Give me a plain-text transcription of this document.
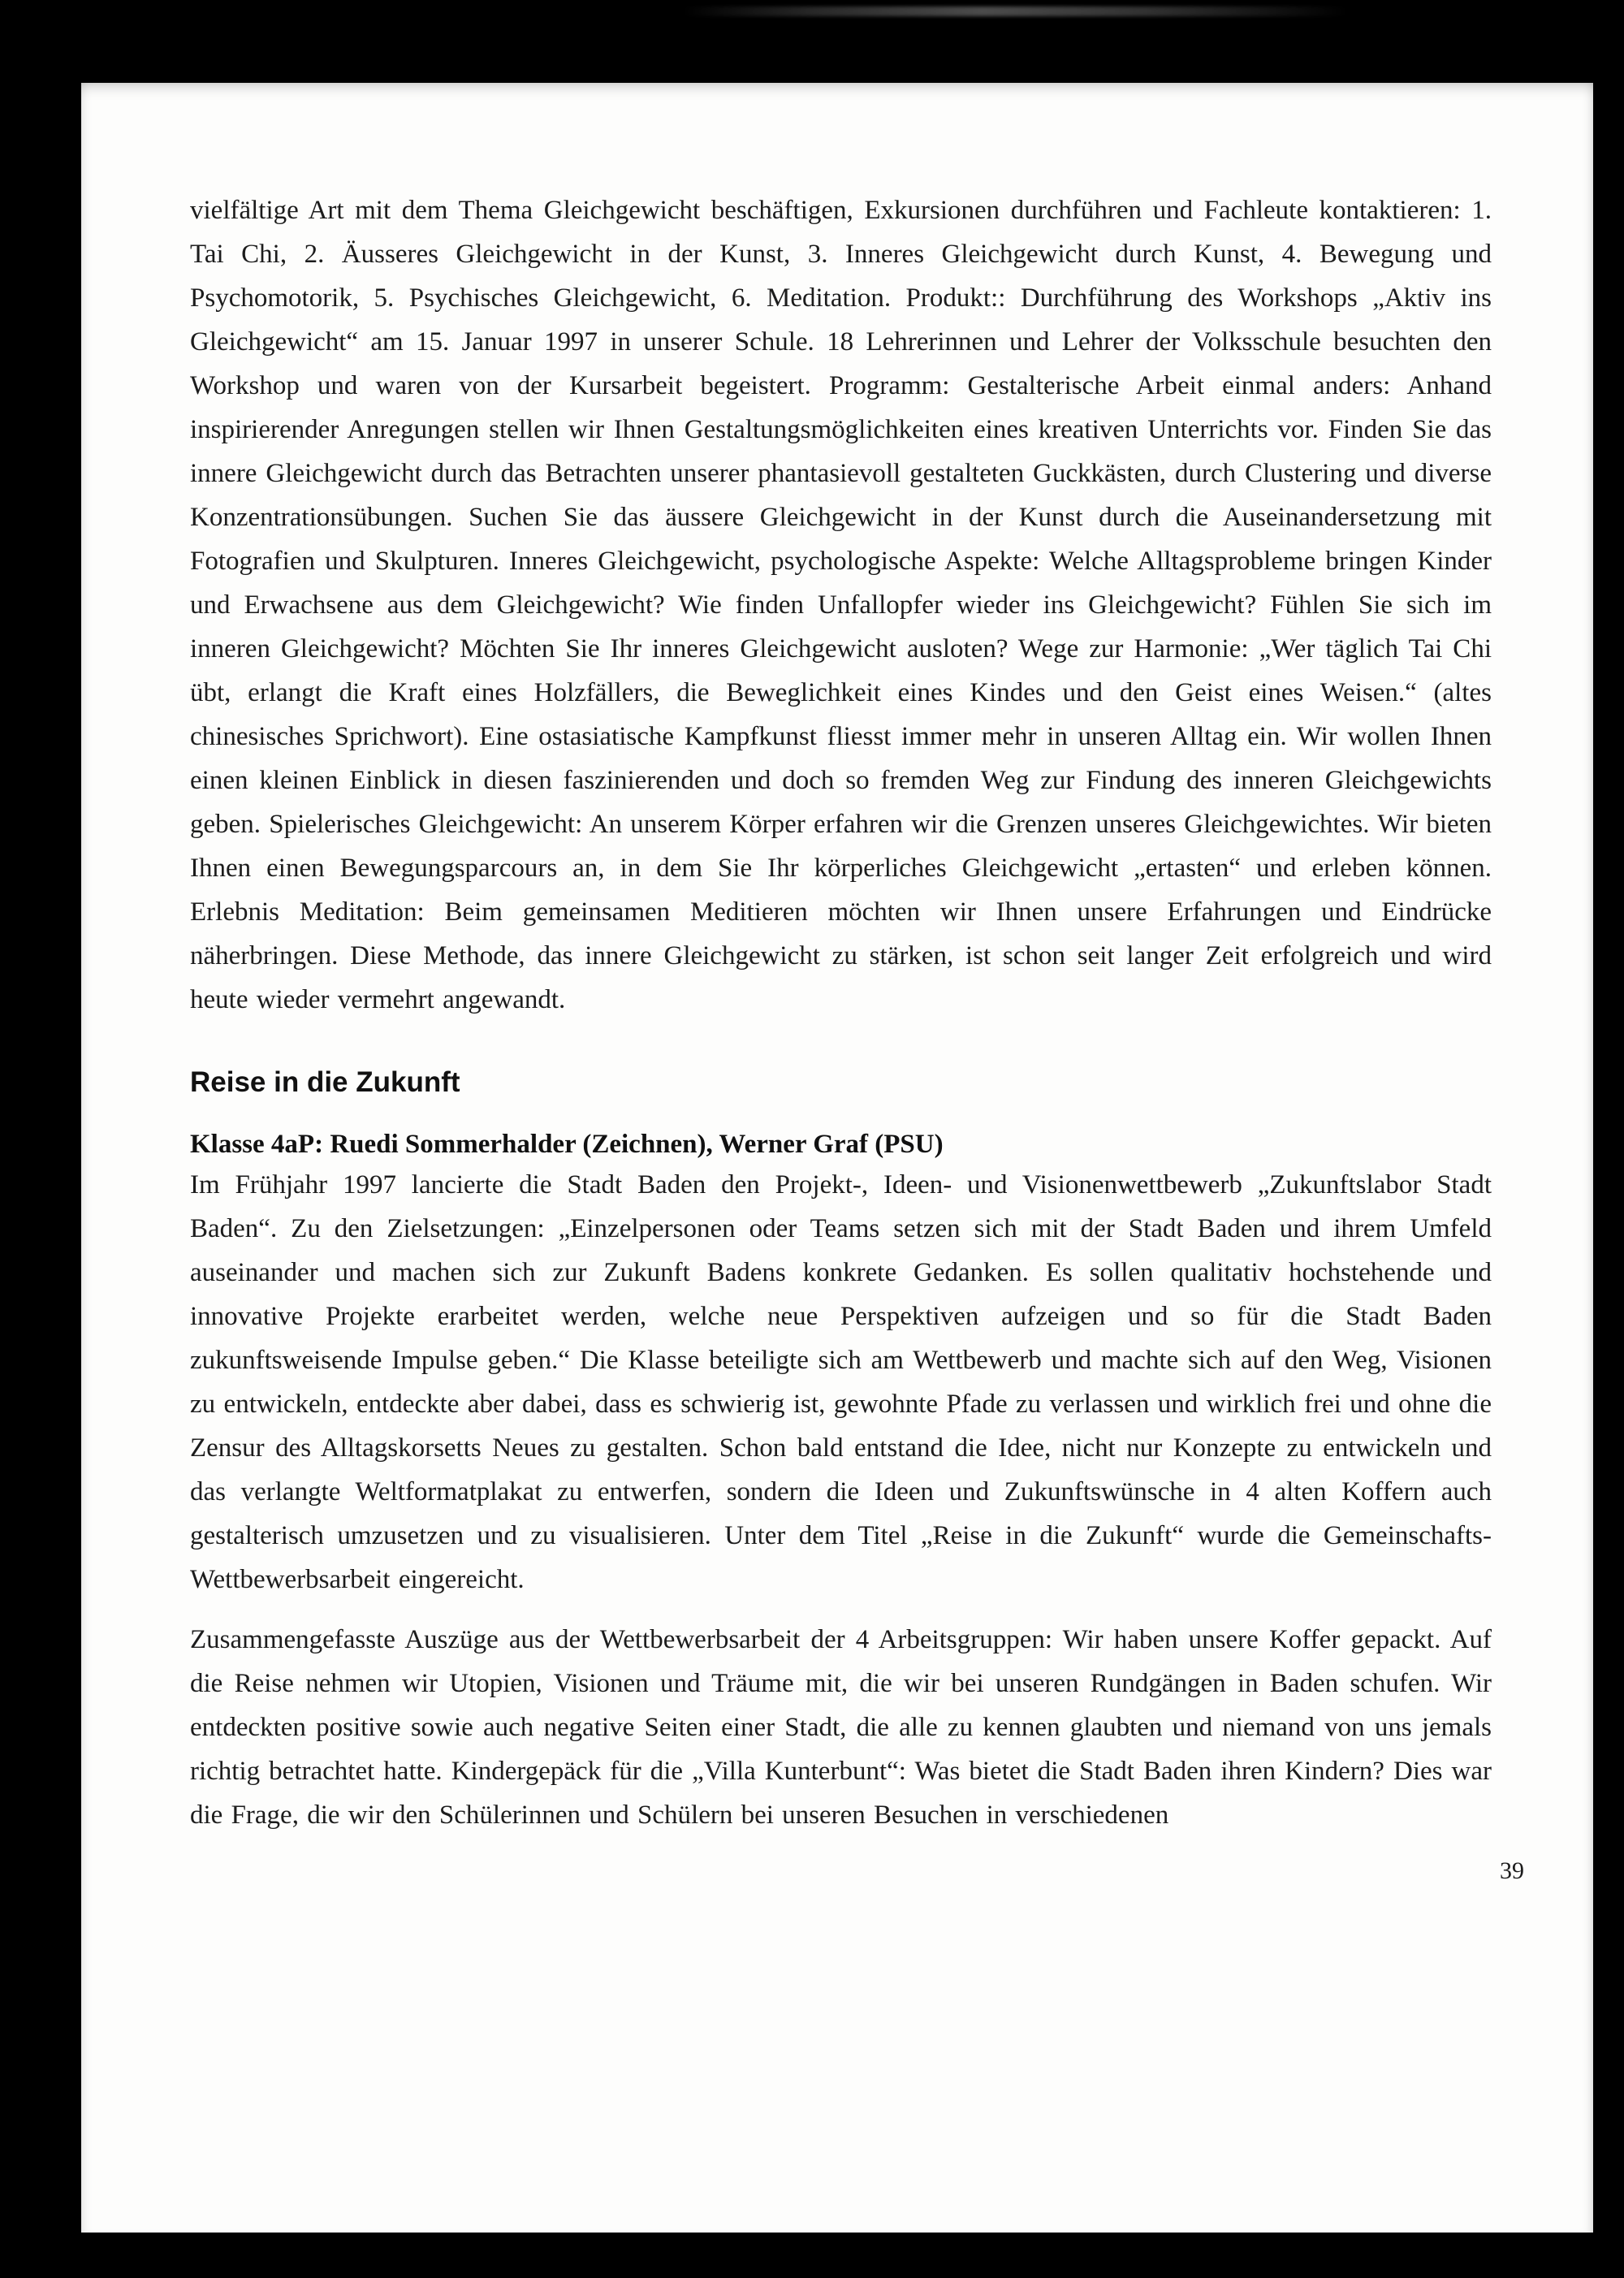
vielfältige Art mit dem Thema Gleichgewicht beschäftigen, Exkursionen durchführen und Fachleute kontaktieren: 1. Tai Chi, 2. Äusseres Gleichgewicht in der Kunst, 3. Inneres Gleichgewicht durch Kunst, 4. Bewegung und Psychomotorik, 5. Psychisches Gleichgewicht, 6. Meditation. Produkt:: Durchführung des Workshops „Aktiv ins Gleichgewicht“ am 15. Januar 1997 in unserer Schule. 18 Lehrerinnen und Lehrer der Volksschule besuchten den Workshop und waren von der Kursarbeit begeistert. Programm: Gestalterische Arbeit einmal anders: Anhand inspirierender Anregungen stellen wir Ihnen Gestaltungsmöglichkeiten eines kreativen Unterrichts vor. Finden Sie das innere Gleichgewicht durch das Betrachten unserer phantasievoll gestalteten Guckkästen, durch Clustering und diverse Konzentrationsübungen. Suchen Sie das äussere Gleichgewicht in der Kunst durch die Auseinandersetzung mit Fotografien und Skulpturen. Inneres Gleichgewicht, psychologische Aspekte: Welche Alltagsprobleme bringen Kinder und Erwachsene aus dem Gleichgewicht? Wie finden Unfallopfer wieder ins Gleichgewicht? Fühlen Sie sich im inneren Gleichgewicht? Möchten Sie Ihr inneres Gleichgewicht ausloten? Wege zur Harmonie: „Wer täglich Tai Chi übt, erlangt die Kraft eines Holzfällers, die Beweglichkeit eines Kindes und den Geist eines Weisen.“ (altes chinesisches Sprichwort). Eine ostasiatische Kampfkunst fliesst immer mehr in unseren Alltag ein. Wir wollen Ihnen einen kleinen Einblick in diesen faszinierenden und doch so fremden Weg zur Findung des inneren Gleichgewichts geben. Spielerisches Gleichgewicht: An unserem Körper erfahren wir die Grenzen unseres Gleichgewichtes. Wir bieten Ihnen einen Bewegungsparcours an, in dem Sie Ihr körperliches Gleichgewicht „ertasten“ und erleben können. Erlebnis Meditation: Beim gemeinsamen Meditieren möchten wir Ihnen unsere Erfahrungen und Eindrücke näherbringen. Diese Methode, das innere Gleichgewicht zu stärken, ist schon seit langer Zeit erfolgreich und wird heute wieder vermehrt angewandt.

Reise in die Zukunft
Klasse 4aP: Ruedi Sommerhalder (Zeichnen), Werner Graf (PSU)

Im Frühjahr 1997 lancierte die Stadt Baden den Projekt-, Ideen- und Visionenwettbewerb „Zukunftslabor Stadt Baden“. Zu den Zielsetzungen: „Einzelpersonen oder Teams setzen sich mit der Stadt Baden und ihrem Umfeld auseinander und machen sich zur Zukunft Badens konkrete Gedanken. Es sollen qualitativ hochstehende und innovative Projekte erarbeitet werden, welche neue Perspektiven aufzeigen und so für die Stadt Baden zukunftsweisende Impulse geben.“ Die Klasse beteiligte sich am Wettbewerb und machte sich auf den Weg, Visionen zu entwickeln, entdeckte aber dabei, dass es schwierig ist, gewohnte Pfade zu verlassen und wirklich frei und ohne die Zensur des Alltagskorsetts Neues zu gestalten. Schon bald entstand die Idee, nicht nur Konzepte zu entwickeln und das verlangte Weltformatplakat zu entwerfen, sondern die Ideen und Zukunftswünsche in 4 alten Koffern auch gestalterisch umzusetzen und zu visualisieren. Unter dem Titel „Reise in die Zukunft“ wurde die Gemeinschafts-Wettbewerbsarbeit eingereicht.

Zusammengefasste Auszüge aus der Wettbewerbsarbeit der 4 Arbeitsgruppen: Wir haben unsere Koffer gepackt. Auf die Reise nehmen wir Utopien, Visionen und Träume mit, die wir bei unseren Rundgängen in Baden schufen. Wir entdeckten positive sowie auch negative Seiten einer Stadt, die alle zu kennen glaubten und niemand von uns jemals richtig betrachtet hatte. Kindergepäck für die „Villa Kunterbunt“: Was bietet die Stadt Baden ihren Kindern? Dies war die Frage, die wir den Schülerinnen und Schülern bei unseren Besuchen in verschiedenen

39
